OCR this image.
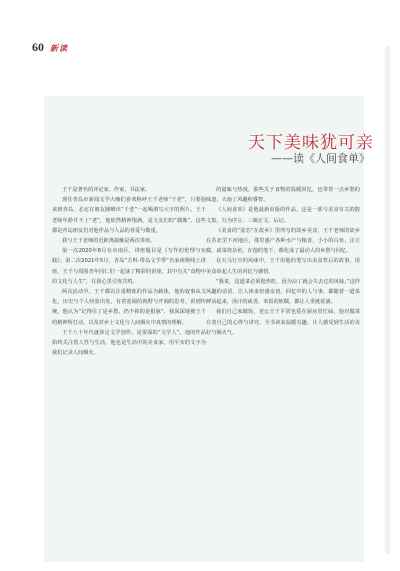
60 新读
天下美味犹可亲
——读《人间食单》

王千是著名的评论家、作家、书法家。

现任青岛市新闻文学大咖们喜欢称呼王千老师“千老”，只要他来到青岛，必定在朋友圈晒出“千老”一起喝酒写大字的照片。王千老师年龄并不上“老”，他依然精神饱满，是文友们的“偶像”。这些都是青岛朋友们对他作品与人品的喜爱与敬重。

我与王千老师的近距离接触是两次讲座。

第一次2020年8月在市南区，讲座题目是《写作的伦理与实践》。第二次2021年5月，青岛“方料·带岛文学季”名家视频线上讲座。王千与周围青年同仁们一起谈了精彩的讲座，其中有关“食物中的文化与人生”，在我心里引发共鸣。

两次活动中，王千都以注重精炼的作品为载体，他的叙事从文化、历史与个人经验出发，有着宽阔的视野与开阔的思考。讲到传统，他认为“记得住了是乡愁，扔不掉的是根脉”，我深深地被王千的精神所打动。以及对乡土文化与人间烟火中真情的理解。

王千八十年代就涉足文学创作，是资深的“文学人”。他的作品始终关注着人性与生活，他也是生活中的美食家，用平实的文字为我们记录人间烟火。

的滋味与热度，那些关于食物的温暖回忆，也带着一点乡愁的味道，天南了风趣和睿智。

《人间食单》是他最新出版的作品，这是一部与美食有关的散文集，分为序言、三辑正文、后记。

《美食的“姿态”在故乡》里所写的故乡美食，王千老师的故乡在苏北里下河地区，那里盛产各种水产与粮食，小小的白鱼、汪豆腐、咸菜烧杂鱼，在他的笔下，都化成了最动人的乡愁与回忆。

在天马行空的风味中，王千用他的笔写出美食背后的故事，用美食串起人生的回忆与感悟。

“我说，这道菜必须趁热吃，因为凉了就会失去它的风味。”这样风趣的话语，让人读来倍感亲切。回忆中的人与事，都随着一道菜鲜活起来，汤汁的咸香，米饭的软糯，都让人垂涎欲滴。

我们自己家做饭，老公王千平常也爱在厨房里忙碌，他对做菜有着自己的心得与讲究。全书读来温暖有趣，让人感受到生活的美好与烟火气。
